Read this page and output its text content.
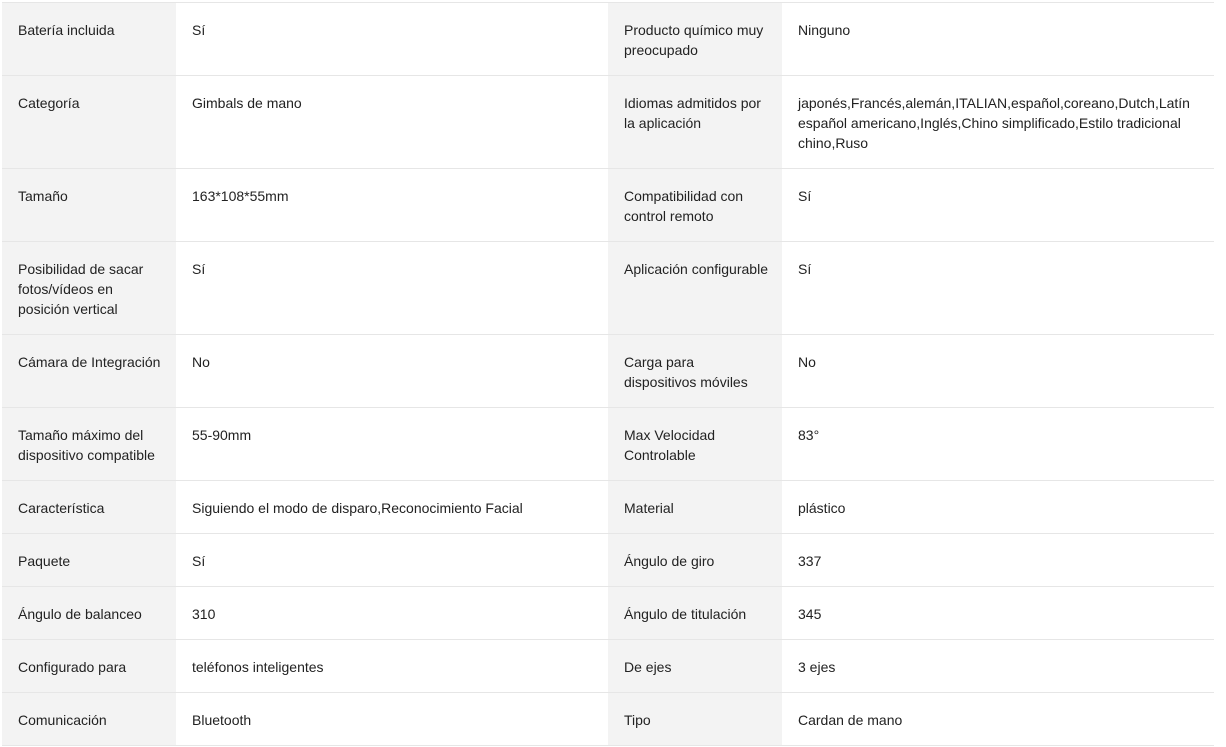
Batería incluida	Sí	Producto químico muy preocupado	Ninguno
Categoría	Gimbals de mano	Idiomas admitidos por la aplicación	japonés,Francés,alemán,ITALIAN,español,coreano,Dutch,Latín español americano,Inglés,Chino simplificado,Estilo tradicional chino,Ruso
Tamaño	163*108*55mm	Compatibilidad con control remoto	Sí
Posibilidad de sacar fotos/vídeos en posición vertical	Sí	Aplicación configurable	Sí
Cámara de Integración	No	Carga para dispositivos móviles	No
Tamaño máximo del dispositivo compatible	55-90mm	Max Velocidad Controlable	83°
Característica	Siguiendo el modo de disparo,Reconocimiento Facial	Material	plástico
Paquete	Sí	Ángulo de giro	337
Ángulo de balanceo	310	Ángulo de titulación	345
Configurado para	teléfonos inteligentes	De ejes	3 ejes
Comunicación	Bluetooth	Tipo	Cardan de mano
